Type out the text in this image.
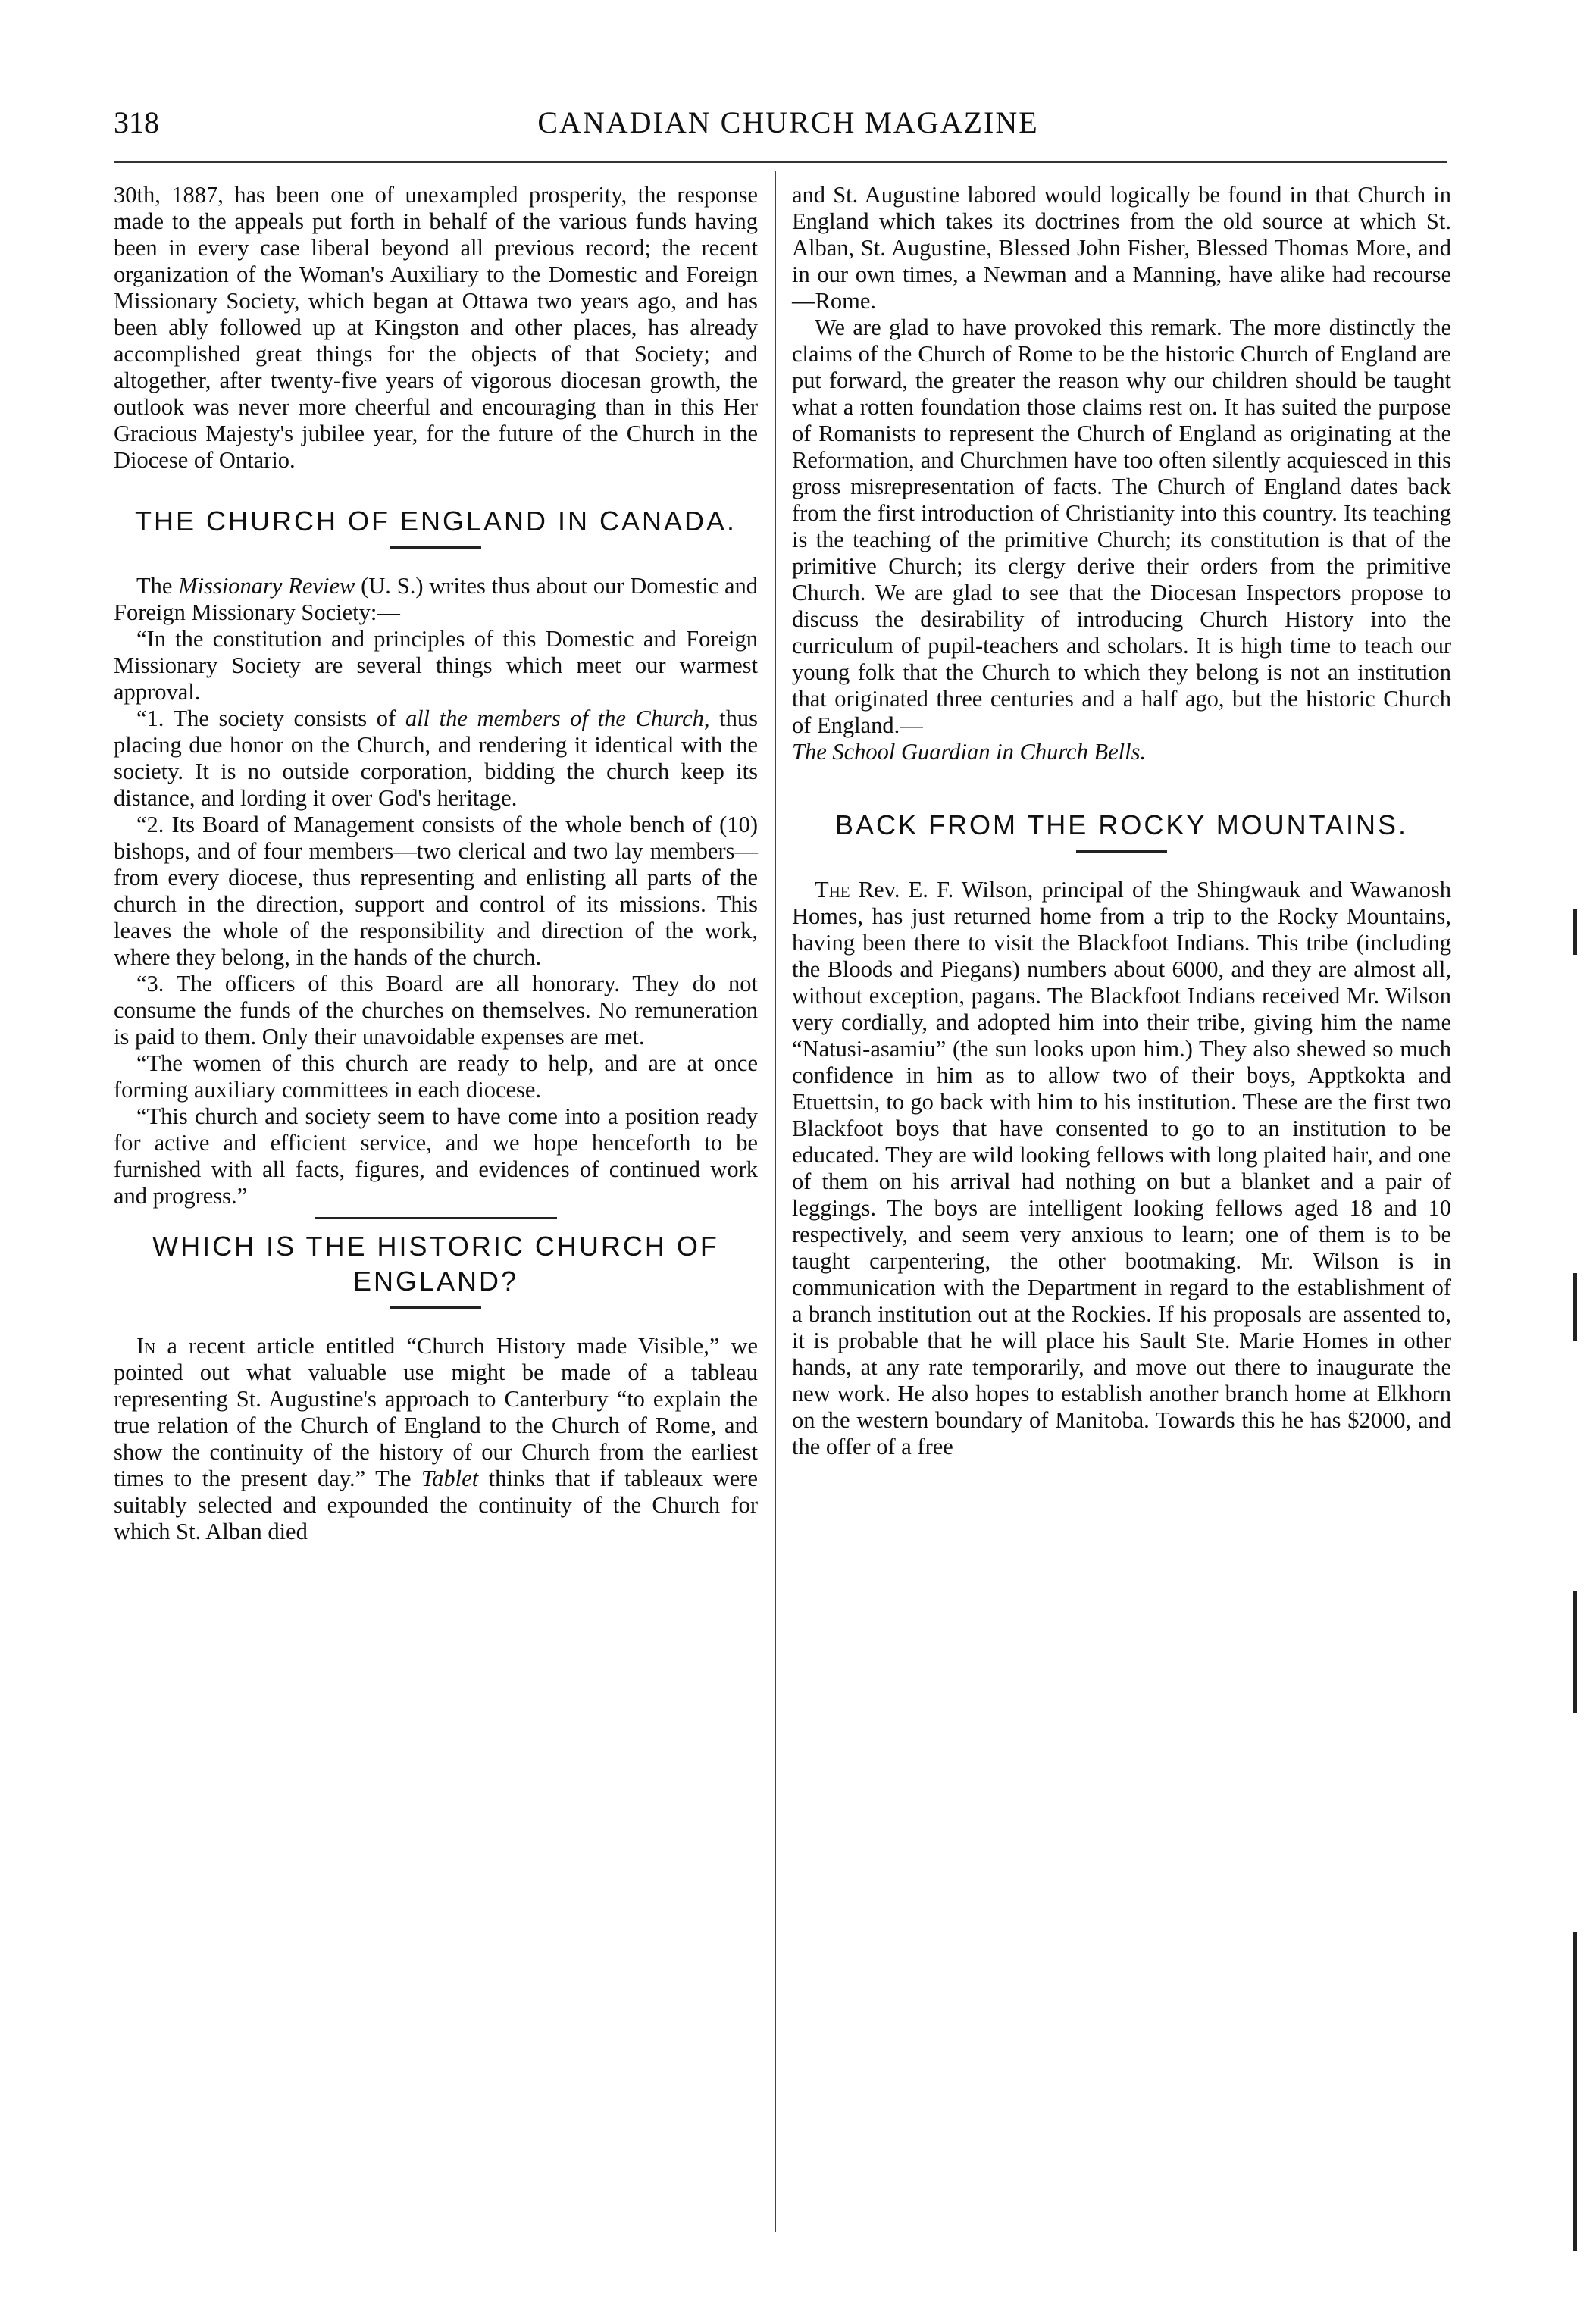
318	CANADIAN CHURCH MAGAZINE

30th, 1887, has been one of unexampled prosperity, the response made to the appeals put forth in behalf of the various funds having been in every case liberal beyond all previous record; the recent organization of the Woman's Auxiliary to the Domestic and Foreign Missionary Society, which began at Ottawa two years ago, and has been ably followed up at Kingston and other places, has already accomplished great things for the objects of that Society; and altogether, after twenty-five years of vigorous diocesan growth, the outlook was never more cheerful and encouraging than in this Her Gracious Majesty's jubilee year, for the future of the Church in the Diocese of Ontario.

THE CHURCH OF ENGLAND IN CANADA.

The Missionary Review (U. S.) writes thus about our Domestic and Foreign Missionary Society:—

“In the constitution and principles of this Domestic and Foreign Missionary Society are several things which meet our warmest approval.

“1. The society consists of all the members of the Church, thus placing due honor on the Church, and rendering it identical with the society. It is no outside corporation, bidding the church keep its distance, and lording it over God's heritage.

“2. Its Board of Management consists of the whole bench of (10) bishops, and of four members—two clerical and two lay members—from every diocese, thus representing and enlisting all parts of the church in the direction, support and control of its missions. This leaves the whole of the responsibility and direction of the work, where they belong, in the hands of the church.

“3. The officers of this Board are all honorary. They do not consume the funds of the churches on themselves. No remuneration is paid to them. Only their unavoidable expenses are met.

“The women of this church are ready to help, and are at once forming auxiliary committees in each diocese.

“This church and society seem to have come into a position ready for active and efficient service, and we hope henceforth to be furnished with all facts, figures, and evidences of continued work and progress.”

WHICH IS THE HISTORIC CHURCH OF ENGLAND?

In a recent article entitled “Church History made Visible,” we pointed out what valuable use might be made of a tableau representing St. Augustine's approach to Canterbury “to explain the true relation of the Church of England to the Church of Rome, and show the continuity of the history of our Church from the earliest times to the present day.” The Tablet thinks that if tableaux were suitably selected and expounded the continuity of the Church for which St. Alban died

and St. Augustine labored would logically be found in that Church in England which takes its doctrines from the old source at which St. Alban, St. Augustine, Blessed John Fisher, Blessed Thomas More, and in our own times, a Newman and a Manning, have alike had recourse—Rome.

We are glad to have provoked this remark. The more distinctly the claims of the Church of Rome to be the historic Church of England are put forward, the greater the reason why our children should be taught what a rotten foundation those claims rest on. It has suited the purpose of Romanists to represent the Church of England as originating at the Reformation, and Churchmen have too often silently acquiesced in this gross misrepresentation of facts. The Church of England dates back from the first introduction of Christianity into this country. Its teaching is the teaching of the primitive Church; its constitution is that of the primitive Church; its clergy derive their orders from the primitive Church. We are glad to see that the Diocesan Inspectors propose to discuss the desirability of introducing Church History into the curriculum of pupil-teachers and scholars. It is high time to teach our young folk that the Church to which they belong is not an institution that originated three centuries and a half ago, but the historic Church of England.—

The School Guardian in Church Bells.

BACK FROM THE ROCKY MOUNTAINS.

The Rev. E. F. Wilson, principal of the Shingwauk and Wawanosh Homes, has just returned home from a trip to the Rocky Mountains, having been there to visit the Blackfoot Indians. This tribe (including the Bloods and Piegans) numbers about 6000, and they are almost all, without exception, pagans. The Blackfoot Indians received Mr. Wilson very cordially, and adopted him into their tribe, giving him the name “Natusi-asamiu” (the sun looks upon him.) They also shewed so much confidence in him as to allow two of their boys, Apptkokta and Etuettsin, to go back with him to his institution. These are the first two Blackfoot boys that have consented to go to an institution to be educated. They are wild looking fellows with long plaited hair, and one of them on his arrival had nothing on but a blanket and a pair of leggings. The boys are intelligent looking fellows aged 18 and 10 respectively, and seem very anxious to learn; one of them is to be taught carpentering, the other bootmaking. Mr. Wilson is in communication with the Department in regard to the establishment of a branch institution out at the Rockies. If his proposals are assented to, it is probable that he will place his Sault Ste. Marie Homes in other hands, at any rate temporarily, and move out there to inaugurate the new work. He also hopes to establish another branch home at Elkhorn on the western boundary of Manitoba. Towards this he has $2000, and the offer of a free
